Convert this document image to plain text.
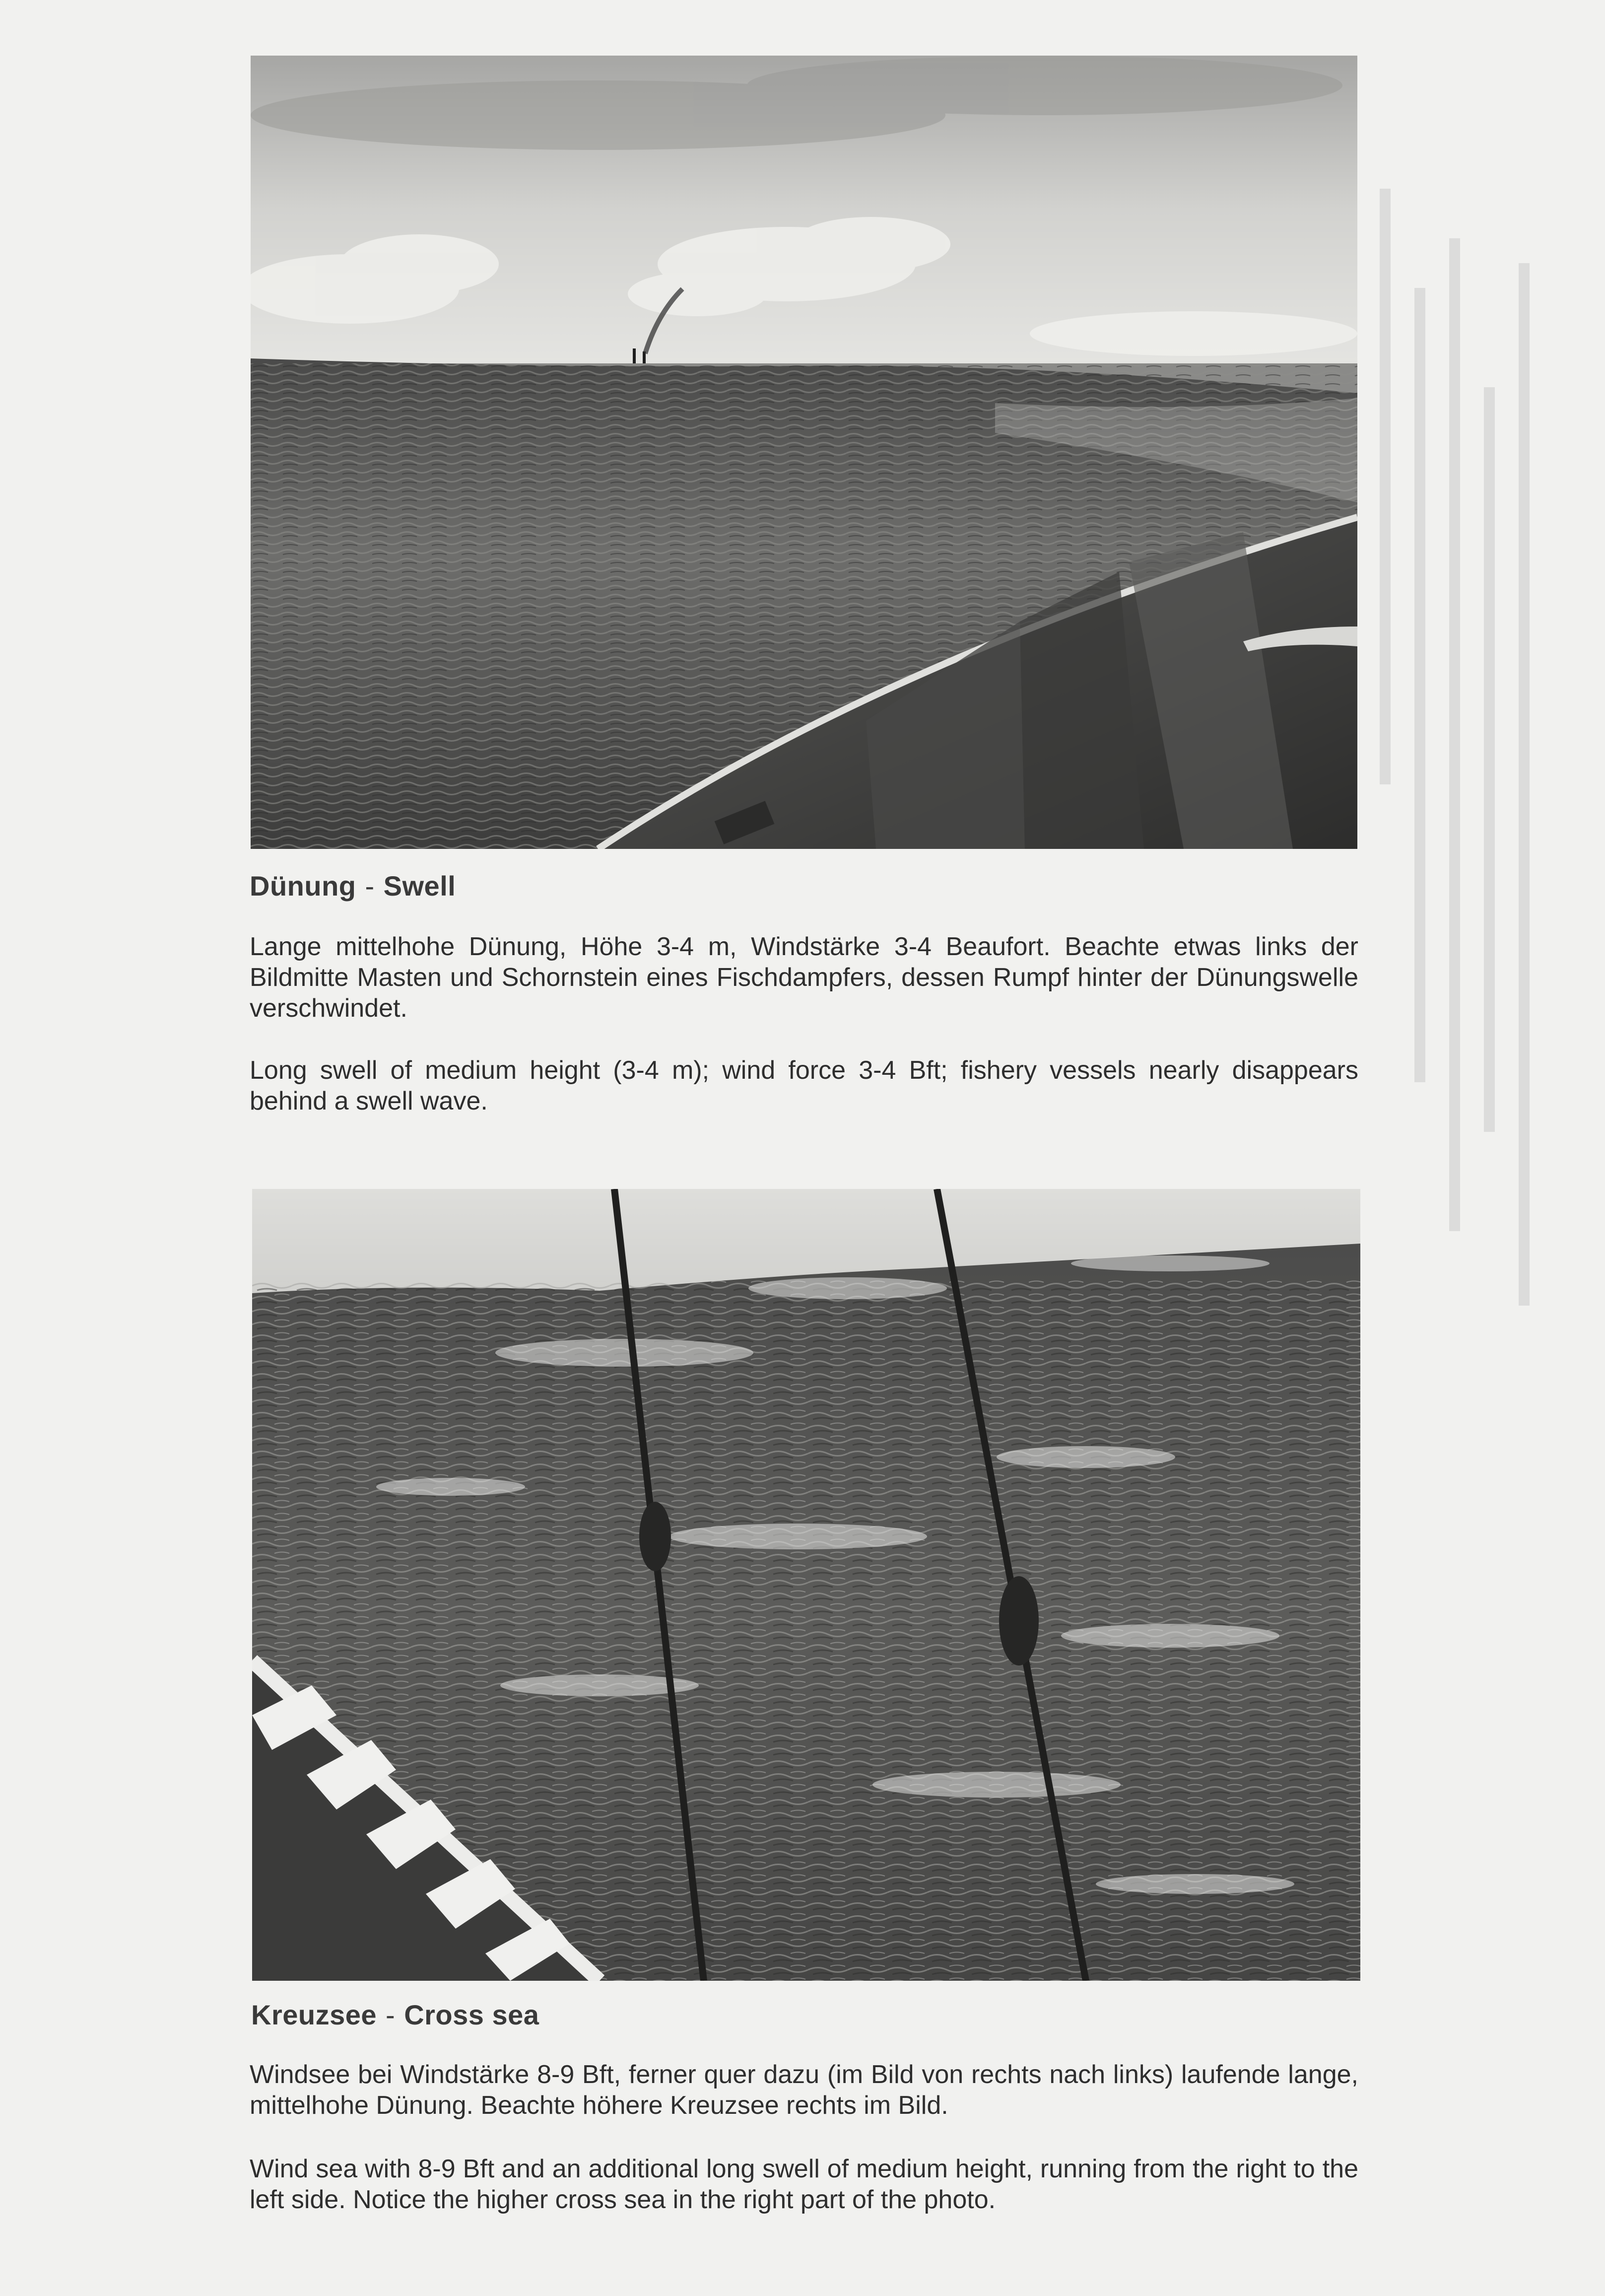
Dünung - Swell
Lange mittelhohe Dünung, Höhe 3-4 m, Windstärke 3-4 Beaufort. Beachte etwas links der Bildmitte Masten und Schornstein eines Fischdampfers, dessen Rumpf hinter der Dünungswelle verschwindet.
Long swell of medium height (3-4 m); wind force 3-4 Bft; fishery vessels nearly disappears behind a swell wave.
Kreuzsee - Cross sea
Windsee bei Windstärke 8-9 Bft, ferner quer dazu (im Bild von rechts nach links) laufende lange, mittelhohe Dünung. Beachte höhere Kreuzsee rechts im Bild.
Wind sea with 8-9 Bft and an additional long swell of medium height, running from the right to the left side. Notice the higher cross sea in the right part of the photo.
